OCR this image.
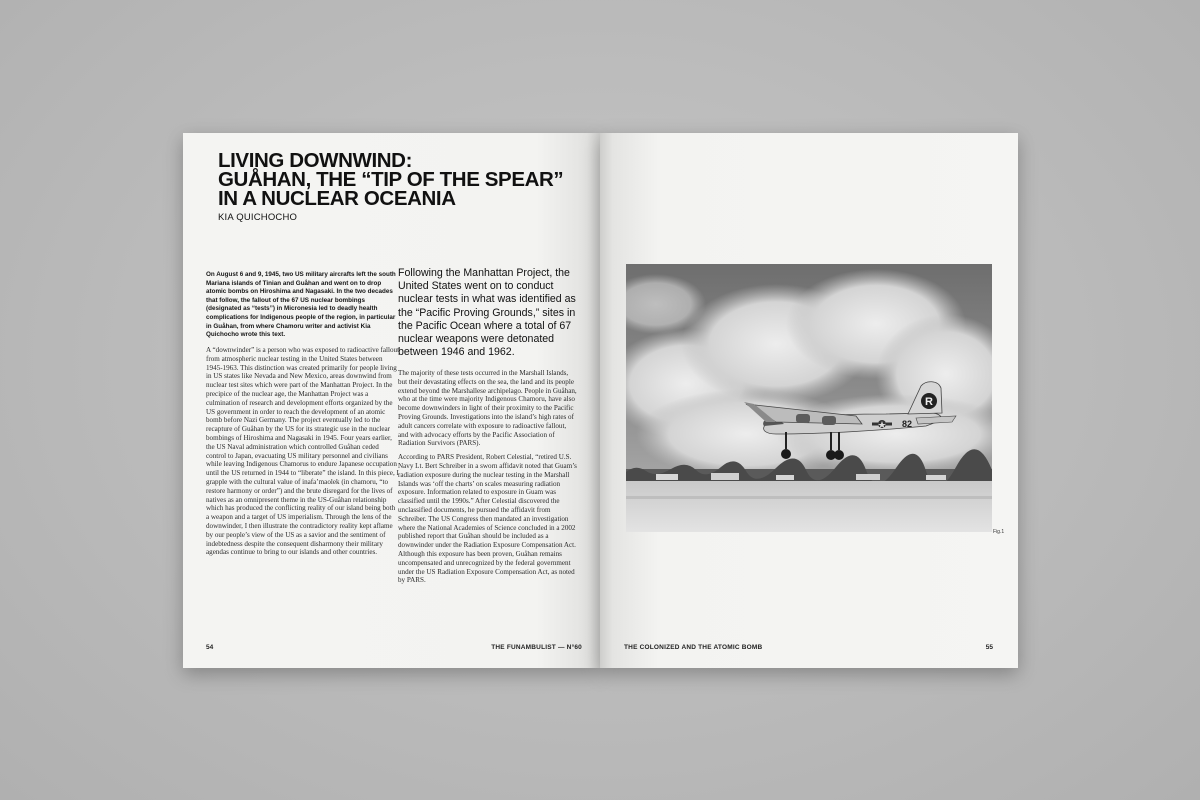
LIVING DOWNWIND:
GUÅHAN, THE “TIP OF THE SPEAR”
IN A NUCLEAR OCEANIA
KIA QUICHOCHO
On August 6 and 9, 1945, two US military aircrafts left the south Mariana islands of Tinian and Guåhan and went on to drop atomic bombs on Hiroshima and Nagasaki. In the two decades that follow, the fallout of the 67 US nuclear bombings (designated as “tests”) in Micronesia led to deadly health complications for Indigenous people of the region, in particular in Guåhan, from where Chamoru writer and activist Kia Quichocho wrote this text.
A “downwinder” is a person who was exposed to radioactive fallout from atmospheric nuclear testing in the United States between 1945-1963. This distinction was created primarily for people living in US states like Nevada and New Mexico, areas downwind from nuclear test sites which were part of the Manhattan Project. In the precipice of the nuclear age, the Manhattan Project was a culmination of research and development efforts organized by the US government in order to reach the development of an atomic bomb before Nazi Germany. The project eventually led to the recapture of Guåhan by the US for its strategic use in the nuclear bombings of Hiroshima and Nagasaki in 1945. Four years earlier, the US Naval administration which controlled Guåhan ceded control to Japan, evacuating US military personnel and civilians while leaving Indigenous Chamorus to endure Japanese occupation until the US returned in 1944 to “liberate” the island. In this piece, I grapple with the cultural value of inafa’maolek (in chamoru, “to restore harmony or order”) and the brute disregard for the lives of natives as an omnipresent theme in the US-Guåhan relationship which has produced the conflicting reality of our island being both a weapon and a target of US imperialism. Through the lens of the downwinder, I then illustrate the contradictory reality kept aflame by our people’s view of the US as a savior and the sentiment of indebtedness despite the consequent disharmony their military agendas continue to bring to our islands and other countries.
Following the Manhattan Project, the United States went on to conduct nuclear tests in what was identified as the “Pacific Proving Grounds,” sites in the Pacific Ocean where a total of 67 nuclear weapons were detonated between 1946 and 1962.

The majority of these tests occurred in the Marshall Islands, but their devastating effects on the sea, the land and its people extend beyond the Marshallese archipelago. People in Guåhan, who at the time were majority Indigenous Chamoru, have also become downwinders in light of their proximity to the Pacific Proving Grounds. Investigations into the island’s high rates of adult cancers correlate with exposure to radioactive fallout, and with advocacy efforts by the Pacific Association of Radiation Survivors (PARS).

According to PARS President, Robert Celestial, “retired U.S. Navy Lt. Bert Schreiber in a sworn affidavit noted that Guam’s radiation exposure during the nuclear testing in the Marshall Islands was ‘off the charts’ on scales measuring radiation exposure. Information related to exposure in Guam was classified until the 1990s.” After Celestial discovered the unclassified documents, he pursued the affidavit from Schreiber. The US Congress then mandated an investigation where the National Academies of Science concluded in a 2002 published report that Guåhan should be included as a downwinder under the Radiation Exposure Compensation Act. Although this exposure has been proven, Guåhan remains uncompensated and unrecognized by the federal government under the US Radiation Exposure Compensation Act, as noted by PARS.

54	THE FUNAMBULIST — N°60
R
82
Fig.1
THE COLONIZED AND THE ATOMIC BOMB	55
